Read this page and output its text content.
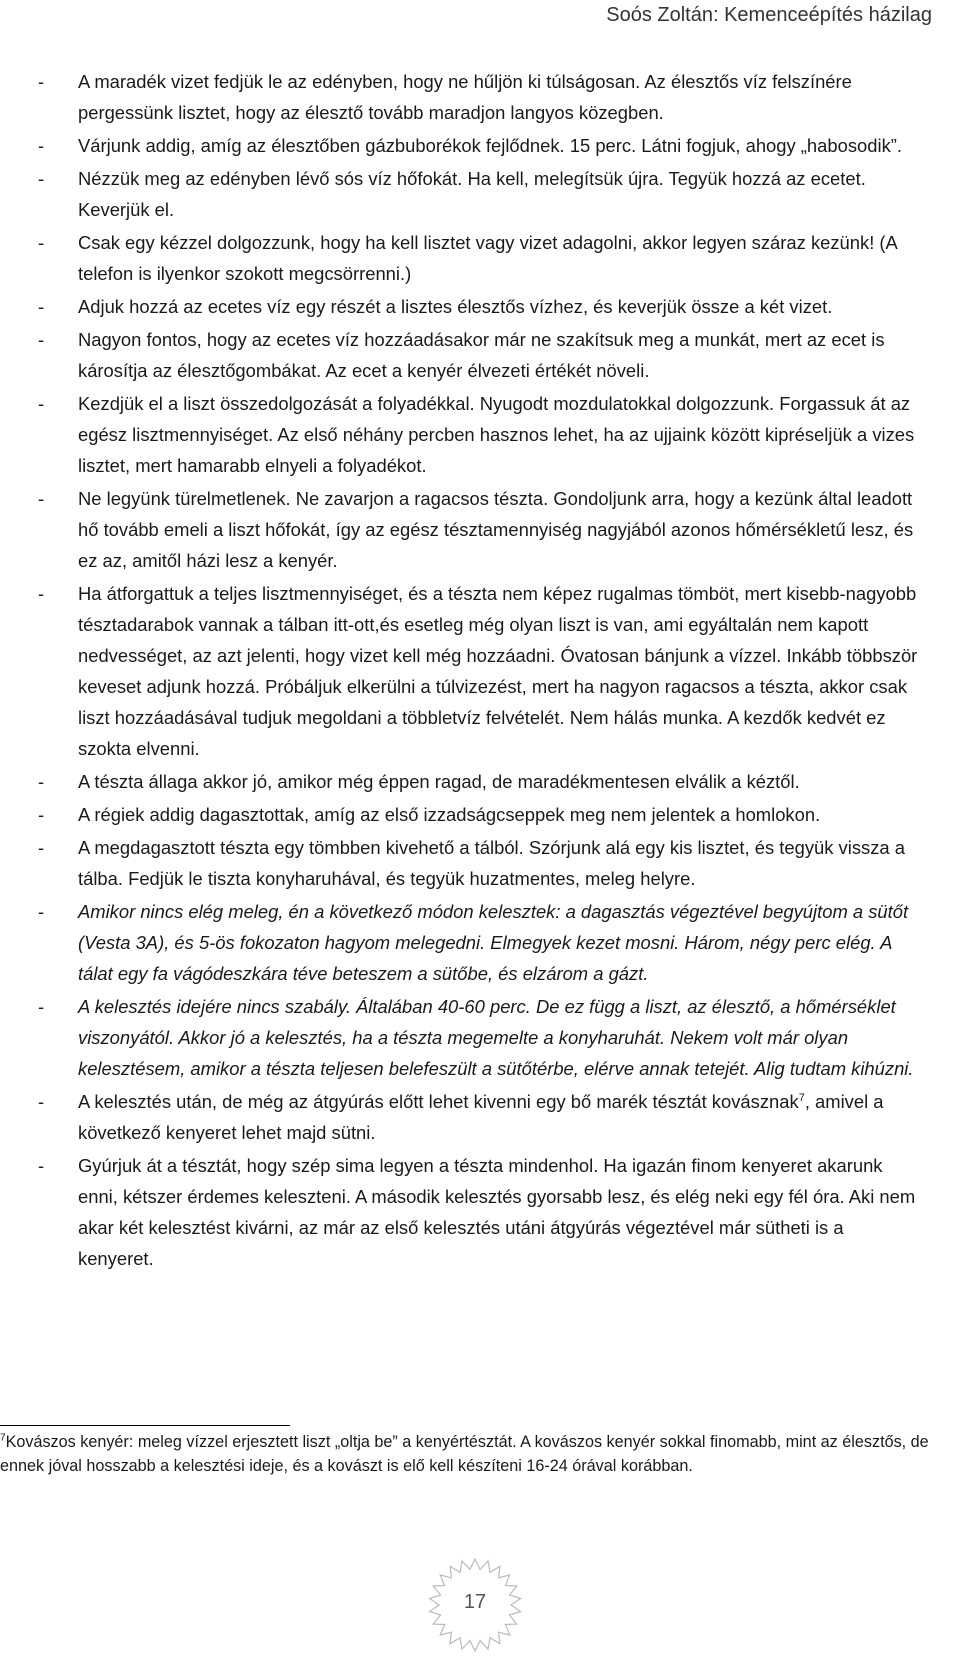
Soós Zoltán: Kemenceépítés házilag
-	A maradék vizet fedjük le az edényben, hogy ne hűljön ki túlságosan. Az élesztős víz felszínére pergessünk lisztet, hogy az élesztő tovább maradjon langyos közegben.
-	Várjunk addig, amíg az élesztőben gázbuborékok fejlődnek. 15 perc. Látni fogjuk, ahogy „habosodik”.
-	Nézzük meg az edényben lévő sós víz hőfokát. Ha kell, melegítsük újra. Tegyük hozzá az ecetet. Keverjük el.
-	Csak egy kézzel dolgozzunk, hogy ha kell lisztet vagy vizet adagolni, akkor legyen száraz kezünk! (A telefon is ilyenkor szokott megcsörrenni.)
-	Adjuk hozzá az ecetes víz egy részét a lisztes élesztős vízhez, és keverjük össze a két vizet.
-	Nagyon fontos, hogy az ecetes víz hozzáadásakor már ne szakítsuk meg a munkát, mert az ecet is károsítja az élesztőgombákat. Az ecet a kenyér élvezeti értékét növeli.
-	Kezdjük el a liszt összedolgozását a folyadékkal. Nyugodt mozdulatokkal dolgozzunk. Forgassuk át az egész lisztmennyiséget. Az első néhány percben hasznos lehet, ha az ujjaink között kipréseljük a vizes lisztet, mert hamarabb elnyeli a folyadékot.
-	Ne legyünk türelmetlenek. Ne zavarjon a ragacsos tészta. Gondoljunk arra, hogy a kezünk által leadott hő tovább emeli a liszt hőfokát, így az egész tésztamennyiség nagyjából azonos hőmérsékletű lesz, és ez az, amitől házi lesz a kenyér.
-	Ha átforgattuk a teljes lisztmennyiséget, és a tészta nem képez rugalmas tömböt, mert kisebb-nagyobb tésztadarabok vannak a tálban itt-ott,és esetleg még olyan liszt is van, ami egyáltalán nem kapott nedvességet, az azt jelenti, hogy vizet kell még hozzáadni. Óvatosan bánjunk a vízzel. Inkább többször keveset adjunk hozzá. Próbáljuk elkerülni a túlvizezést, mert ha nagyon ragacsos a tészta, akkor csak liszt hozzáadásával tudjuk megoldani a többletvíz felvételét. Nem hálás munka. A kezdők kedvét ez szokta elvenni.
-	A tészta állaga akkor jó, amikor még éppen ragad, de maradékmentesen elválik a kéztől.
-	A régiek addig dagasztottak, amíg az első izzadságcseppek meg nem jelentek a homlokon.
-	A megdagasztott tészta egy tömbben kivehető a tálból. Szórjunk alá egy kis lisztet, és tegyük vissza a tálba. Fedjük le tiszta konyharuhával, és tegyük huzatmentes, meleg helyre.
-	Amikor nincs elég meleg, én a következő módon kelesztek: a dagasztás végeztével begyújtom a sütőt (Vesta 3A), és 5-ös fokozaton hagyom melegedni. Elmegyek kezet mosni. Három, négy perc elég. A tálat egy fa vágódeszkára téve beteszem a sütőbe, és elzárom a gázt.
-	A kelesztés idejére nincs szabály. Általában 40-60 perc. De ez függ a liszt, az élesztő, a hőmérséklet viszonyától. Akkor jó a kelesztés, ha a tészta megemelte a konyharuhát. Nekem volt már olyan kelesztésem, amikor a tészta teljesen belefeszült a sütőtérbe, elérve annak tetejét. Alig tudtam kihúzni.
-	A kelesztés után, de még az átgyúrás előtt lehet kivenni egy bő marék tésztát kovásznak$^7$, amivel a következő kenyeret lehet majd sütni.
-	Gyúrjuk át a tésztát, hogy szép sima legyen a tészta mindenhol. Ha igazán finom kenyeret akarunk enni, kétszer érdemes keleszteni. A második kelesztés gyorsabb lesz, és elég neki egy fél óra. Aki nem akar két kelesztést kivárni, az már az első kelesztés utáni átgyúrás végeztével már sütheti is a kenyeret.
$^7$Kovászos kenyér: meleg vízzel erjesztett liszt „oltja be” a kenyértésztát. A kovászos kenyér sokkal finomabb, mint az élesztős, de ennek jóval hosszabb a kelesztési ideje, és a kovászt is elő kell készíteni 16-24 órával korábban.
17
